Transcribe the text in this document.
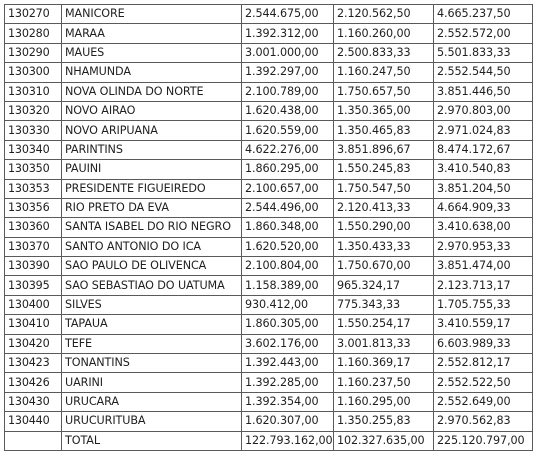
130270	MANICORE	2.544.675,00	2.120.562,50	4.665.237,50
130280	MARAA	1.392.312,00	1.160.260,00	2.552.572,00
130290	MAUES	3.001.000,00	2.500.833,33	5.501.833,33
130300	NHAMUNDA	1.392.297,00	1.160.247,50	2.552.544,50
130310	NOVA OLINDA DO NORTE	2.100.789,00	1.750.657,50	3.851.446,50
130320	NOVO AIRAO	1.620.438,00	1.350.365,00	2.970.803,00
130330	NOVO ARIPUANA	1.620.559,00	1.350.465,83	2.971.024,83
130340	PARINTINS	4.622.276,00	3.851.896,67	8.474.172,67
130350	PAUINI	1.860.295,00	1.550.245,83	3.410.540,83
130353	PRESIDENTE FIGUEIREDO	2.100.657,00	1.750.547,50	3.851.204,50
130356	RIO PRETO DA EVA	2.544.496,00	2.120.413,33	4.664.909,33
130360	SANTA ISABEL DO RIO NEGRO	1.860.348,00	1.550.290,00	3.410.638,00
130370	SANTO ANTONIO DO ICA	1.620.520,00	1.350.433,33	2.970.953,33
130390	SAO PAULO DE OLIVENCA	2.100.804,00	1.750.670,00	3.851.474,00
130395	SAO SEBASTIAO DO UATUMA	1.158.389,00	965.324,17	2.123.713,17
130400	SILVES	930.412,00	775.343,33	1.705.755,33
130410	TAPAUA	1.860.305,00	1.550.254,17	3.410.559,17
130420	TEFE	3.602.176,00	3.001.813,33	6.603.989,33
130423	TONANTINS	1.392.443,00	1.160.369,17	2.552.812,17
130426	UARINI	1.392.285,00	1.160.237,50	2.552.522,50
130430	URUCARA	1.392.354,00	1.160.295,00	2.552.649,00
130440	URUCURITUBA	1.620.307,00	1.350.255,83	2.970.562,83
	TOTAL	122.793.162,00	102.327.635,00	225.120.797,00
